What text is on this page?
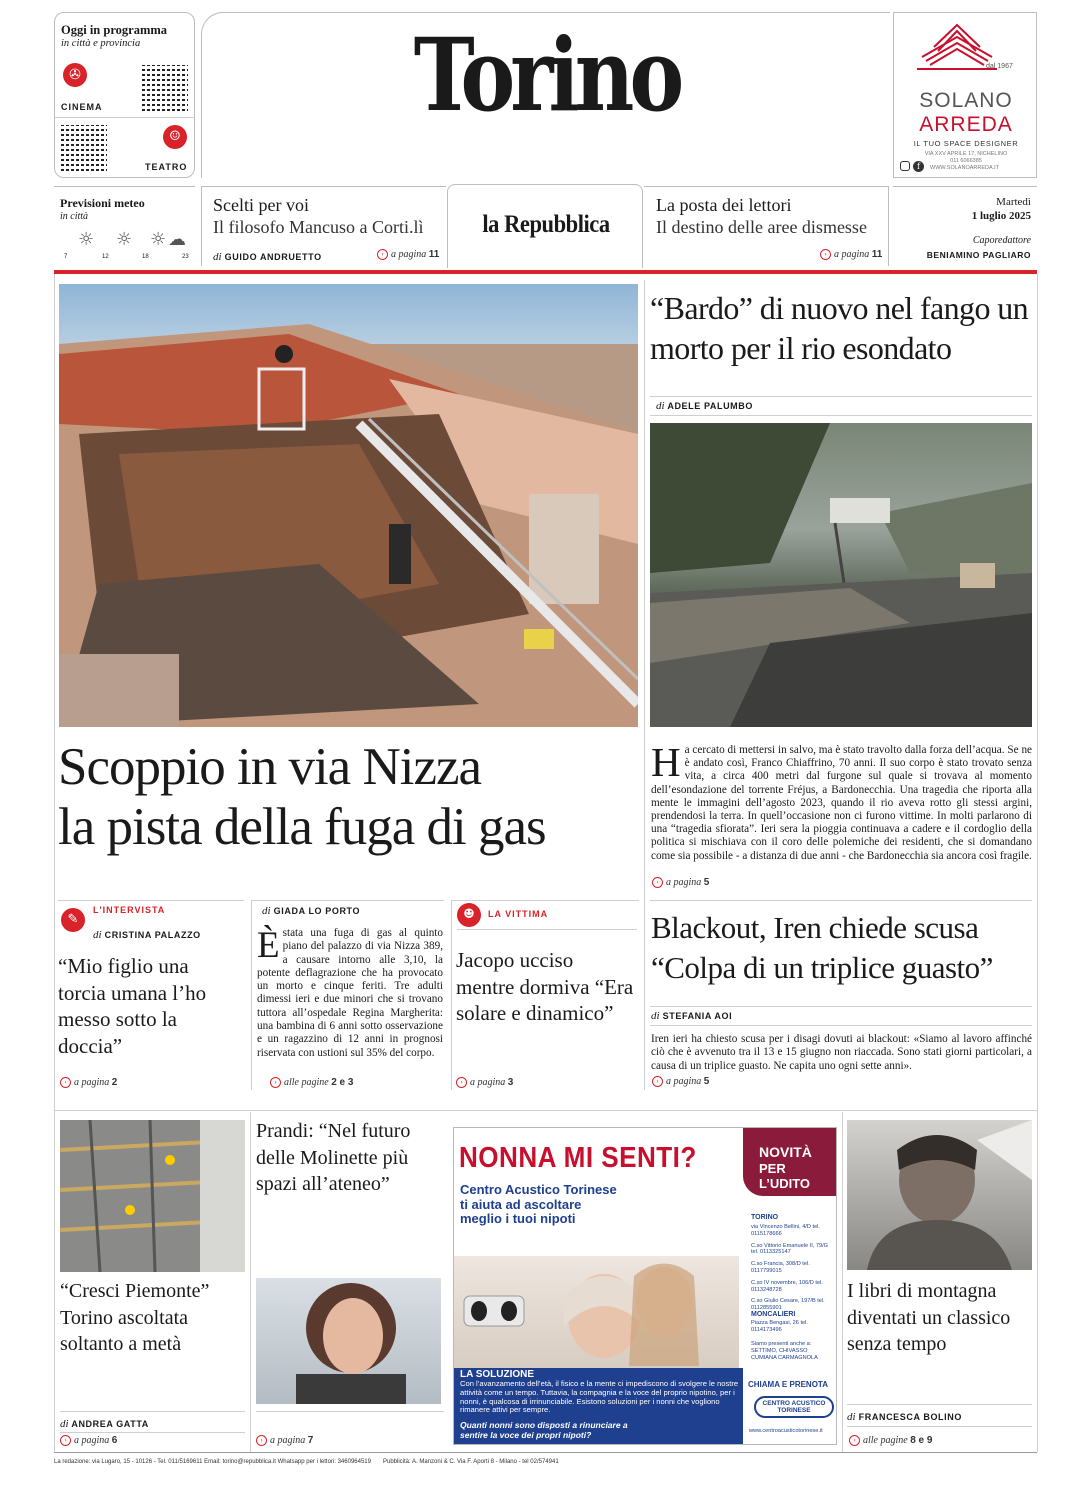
Oggi in programma
in città e provincia
✇
CINEMA
☺
TEATRO
Torino	dal 1967
SOLANO
ARREDA
IL TUO SPACE DESIGNER
VIA XXV APRILE 17, NICHELINO
011 6066385
f	WWW.SOLANOARREDA.IT
Previsioni meteo
in città
☼ ☼ ☼ ☁
7	12	18	23
Scelti per voi
Il filosofo Mancuso a Corti.lì
di GUIDO ANDRUETTO	› a pagina 11
la Repubblica
La posta dei lettori
Il destino delle aree dismesse
› a pagina 11
Martedì
1 luglio 2025
Caporedattore
BENIAMINO PAGLIARO
Scoppio in via Nizza
la pista della fuga di gas
✎
L'INTERVISTA
di CRISTINA PALAZZO
“Mio figlio una torcia umana l’ho messo sotto la doccia”
› a pagina 2
di GIADA LO PORTO
È stata una fuga di gas al quinto piano del palazzo di via Nizza 389, a causare intorno alle 3,10, la potente deflagrazione che ha provocato un morto e cinque feriti. Tre adulti dimessi ieri e due minori che si trovano tuttora all’ospedale Regina Margherita: una bambina di 6 anni sotto osservazione e un ragazzino di 12 anni in prognosi riservata con ustioni sul 35% del corpo.
› alle pagine 2 e 3
☻	LA VITTIMA
Jacopo ucciso mentre dormiva “Era solare e dinamico”
› a pagina 3
“Bardo” di nuovo nel fango un morto per il rio esondato
di ADELE PALUMBO
H a cercato di mettersi in salvo, ma è stato travolto dalla forza dell’acqua. Se ne è andato così, Franco Chiaffrino, 70 anni. Il suo corpo è stato trovato senza vita, a circa 400 metri dal furgone sul quale si trovava al momento dell’esondazione del torrente Fréjus, a Bardonecchia. Una tragedia che riporta alla mente le immagini dell’agosto 2023, quando il rio aveva rotto gli stessi argini, prendendosi la terra. In quell’occasione non ci furono vittime. In molti parlarono di una “tragedia sfiorata”. Ieri sera la pioggia continuava a cadere e il cordoglio della politica si mischiava con il coro delle polemiche dei residenti, che si domandano come sia possibile - a distanza di due anni - che Bardonecchia sia ancora così fragile.
› a pagina 5
Blackout, Iren chiede scusa “Colpa di un triplice guasto”
di STEFANIA AOI
Iren ieri ha chiesto scusa per i disagi dovuti ai blackout: «Siamo al lavoro affinché ciò che è avvenuto tra il 13 e 15 giugno non riaccada. Sono stati giorni particolari, a causa di un triplice guasto. Ne capita uno ogni sette anni».
› a pagina 5
“Cresci Piemonte” Torino ascoltata soltanto a metà
di ANDREA GATTA
› a pagina 6
Prandi: “Nel futuro delle Molinette più spazi all’ateneo”
› a pagina 7
NONNA MI SENTI?	NOVITÀ
PER L’UDITO
Centro Acustico Torinese ti aiuta ad ascoltare meglio i tuoi nipoti	TORINO
via Vincenzo Bellini, 4/D tel. 0115178666
C.so Vittorio Emanuele II, 79/G tel. 0113325147
C.so Francia, 308/D tel. 0117799015
C.so IV novembre, 106/D tel. 0113248728
C.so Giulio Cesare, 197/B tel. 0112855901
MONCALIERI
Piazza Bengasi, 26 tel. 0114173496
Siamo presenti anche a: SETTIMO, CHIVASSO CUMIANA CARMAGNOLA
CHIAMA E PRENOTA
CENTRO ACUSTICO TORINESE
www.centroacusticotorinese.it
LA SOLUZIONE
Con l’avanzamento dell’età, il fisico e la mente ci impediscono di svolgere le nostre attività come un tempo. Tuttavia, la compagnia e la voce del proprio nipotino, per i nonni, è qualcosa di irrinunciabile. Esistono soluzioni per i nonni che vogliono rimanere attivi per sempre.
Quanti nonni sono disposti a rinunciare a sentire la voce dei propri nipoti?
I libri di montagna diventati un classico senza tempo
di FRANCESCA BOLINO
› alle pagine 8 e 9
La redazione: via Lugaro, 15 - 10126 - Tel. 011/5169611 Email: torino@repubblica.it Whatsapp per i lettori: 3460964519 Pubblicità: A. Manzoni & C. Via F. Aporti 8 - Milano - tel 02/574941
